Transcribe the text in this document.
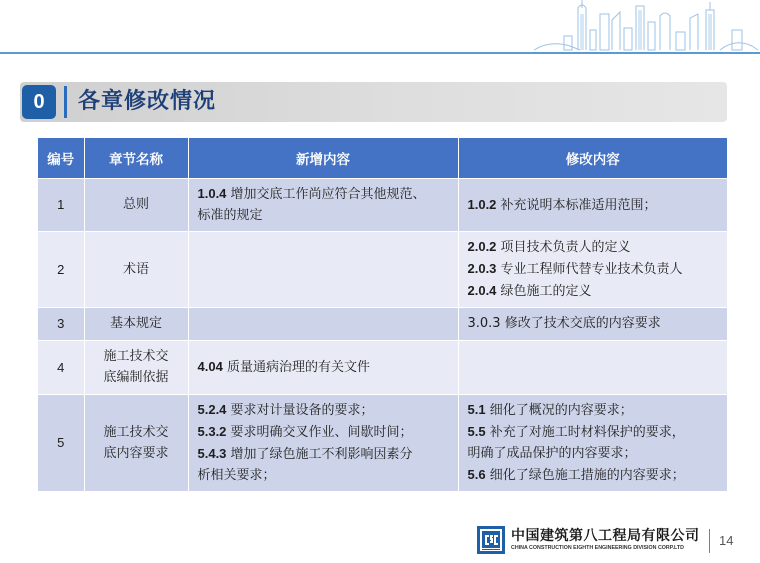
0	各章修改情况
编号	章节名称	新增内容	修改内容
1	总则	1.0.4 增加交底工作尚应符合其他规范、
标准的规定	1.0.2 补充说明本标准适用范围；

2	术语		2.0.2 项目技术负责人的定义
2.0.3 专业工程师代替专业技术负责人
2.0.4 绿色施工的定义

3	基本规定		3.0.3 修改了技术交底的内容要求

4	施工技术交
底编制依据	4.04 质量通病治理的有关文件	

5	施工技术交
底内容要求	5.2.4 要求对计量设备的要求；
5.3.2 要求明确交叉作业、间歇时间；
5.4.3 增加了绿色施工不利影响因素分
析相关要求；	5.1 细化了概况的内容要求；
5.5 补充了对施工时材料保护的要求，
明确了成品保护的内容要求；
5.6 细化了绿色施工措施的内容要求；
中国建筑第八工程局有限公司
CHINA CONSTRUCTION EIGHTH ENGINEERING DIVISION CORP.LTD	14
